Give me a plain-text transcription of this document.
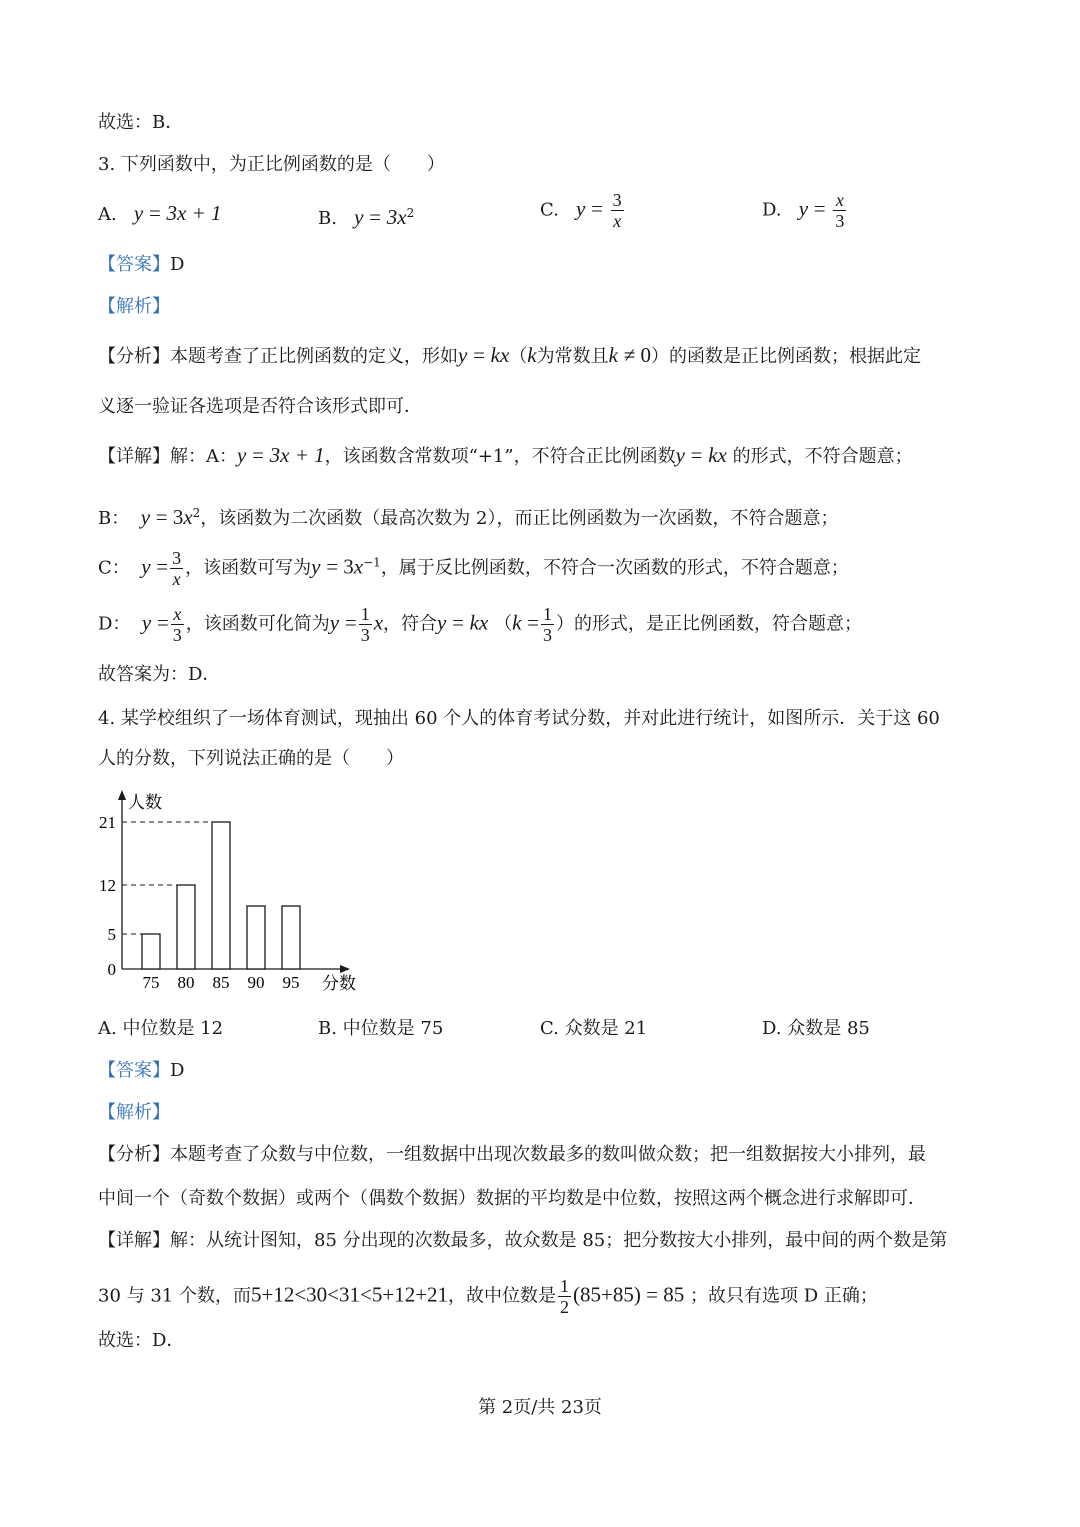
故选：B．
3. 下列函数中，为正比例函数的是（　　）
A. y = 3x + 1	B. $y = 3x^2$	C. $y = \frac{3}{x}$	D. $y = \frac{x}{3}$
【答案】D
【解析】
【分析】本题考查了正比例函数的定义，形如y = kx（k为常数且k ≠ 0）的函数是正比例函数；根据此定
义逐一验证各选项是否符合该形式即可．
【详解】解：A：y = 3x + 1，该函数含常数项“+1”，不符合正比例函数y = kx 的形式，不符合题意；
B： $y = 3x^2$，该函数为二次函数（最高次数为 2），而正比例函数为一次函数，不符合题意；
C： $y = \frac{3}{x}$ ，该函数可写为$y = 3x^{-1}$，属于反比例函数，不符合一次函数的形式，不符合题意；
D： $y = \frac{x}{3}$ ，该函数可化简为$y = \frac{1}{3}$ x，符合y = kx （$k = \frac{1}{3}$ ）的形式，是正比例函数，符合题意；
故答案为：D．
4. 某学校组织了一场体育测试，现抽出 60 个人的体育考试分数，并对此进行统计，如图所示．关于这 60
人的分数，下列说法正确的是（　　）
人数
分数
0
5
12
21
75 80 85 90 95
A. 中位数是 12	B. 中位数是 75	C. 众数是 21	D. 众数是 85
【答案】D
【解析】
【分析】本题考查了众数与中位数，一组数据中出现次数最多的数叫做众数；把一组数据按大小排列，最
中间一个（奇数个数据）或两个（偶数个数据）数据的平均数是中位数，按照这两个概念进行求解即可．
【详解】解：从统计图知，85 分出现的次数最多，故众数是 85；把分数按大小排列，最中间的两个数是第
30 与 31 个数，而5+12<30<31<5+12+21，故中位数是 $\frac{1}{2} (85+85) = 85$ ；故只有选项 D 正确；
故选：D．
第 2页/共 23页
